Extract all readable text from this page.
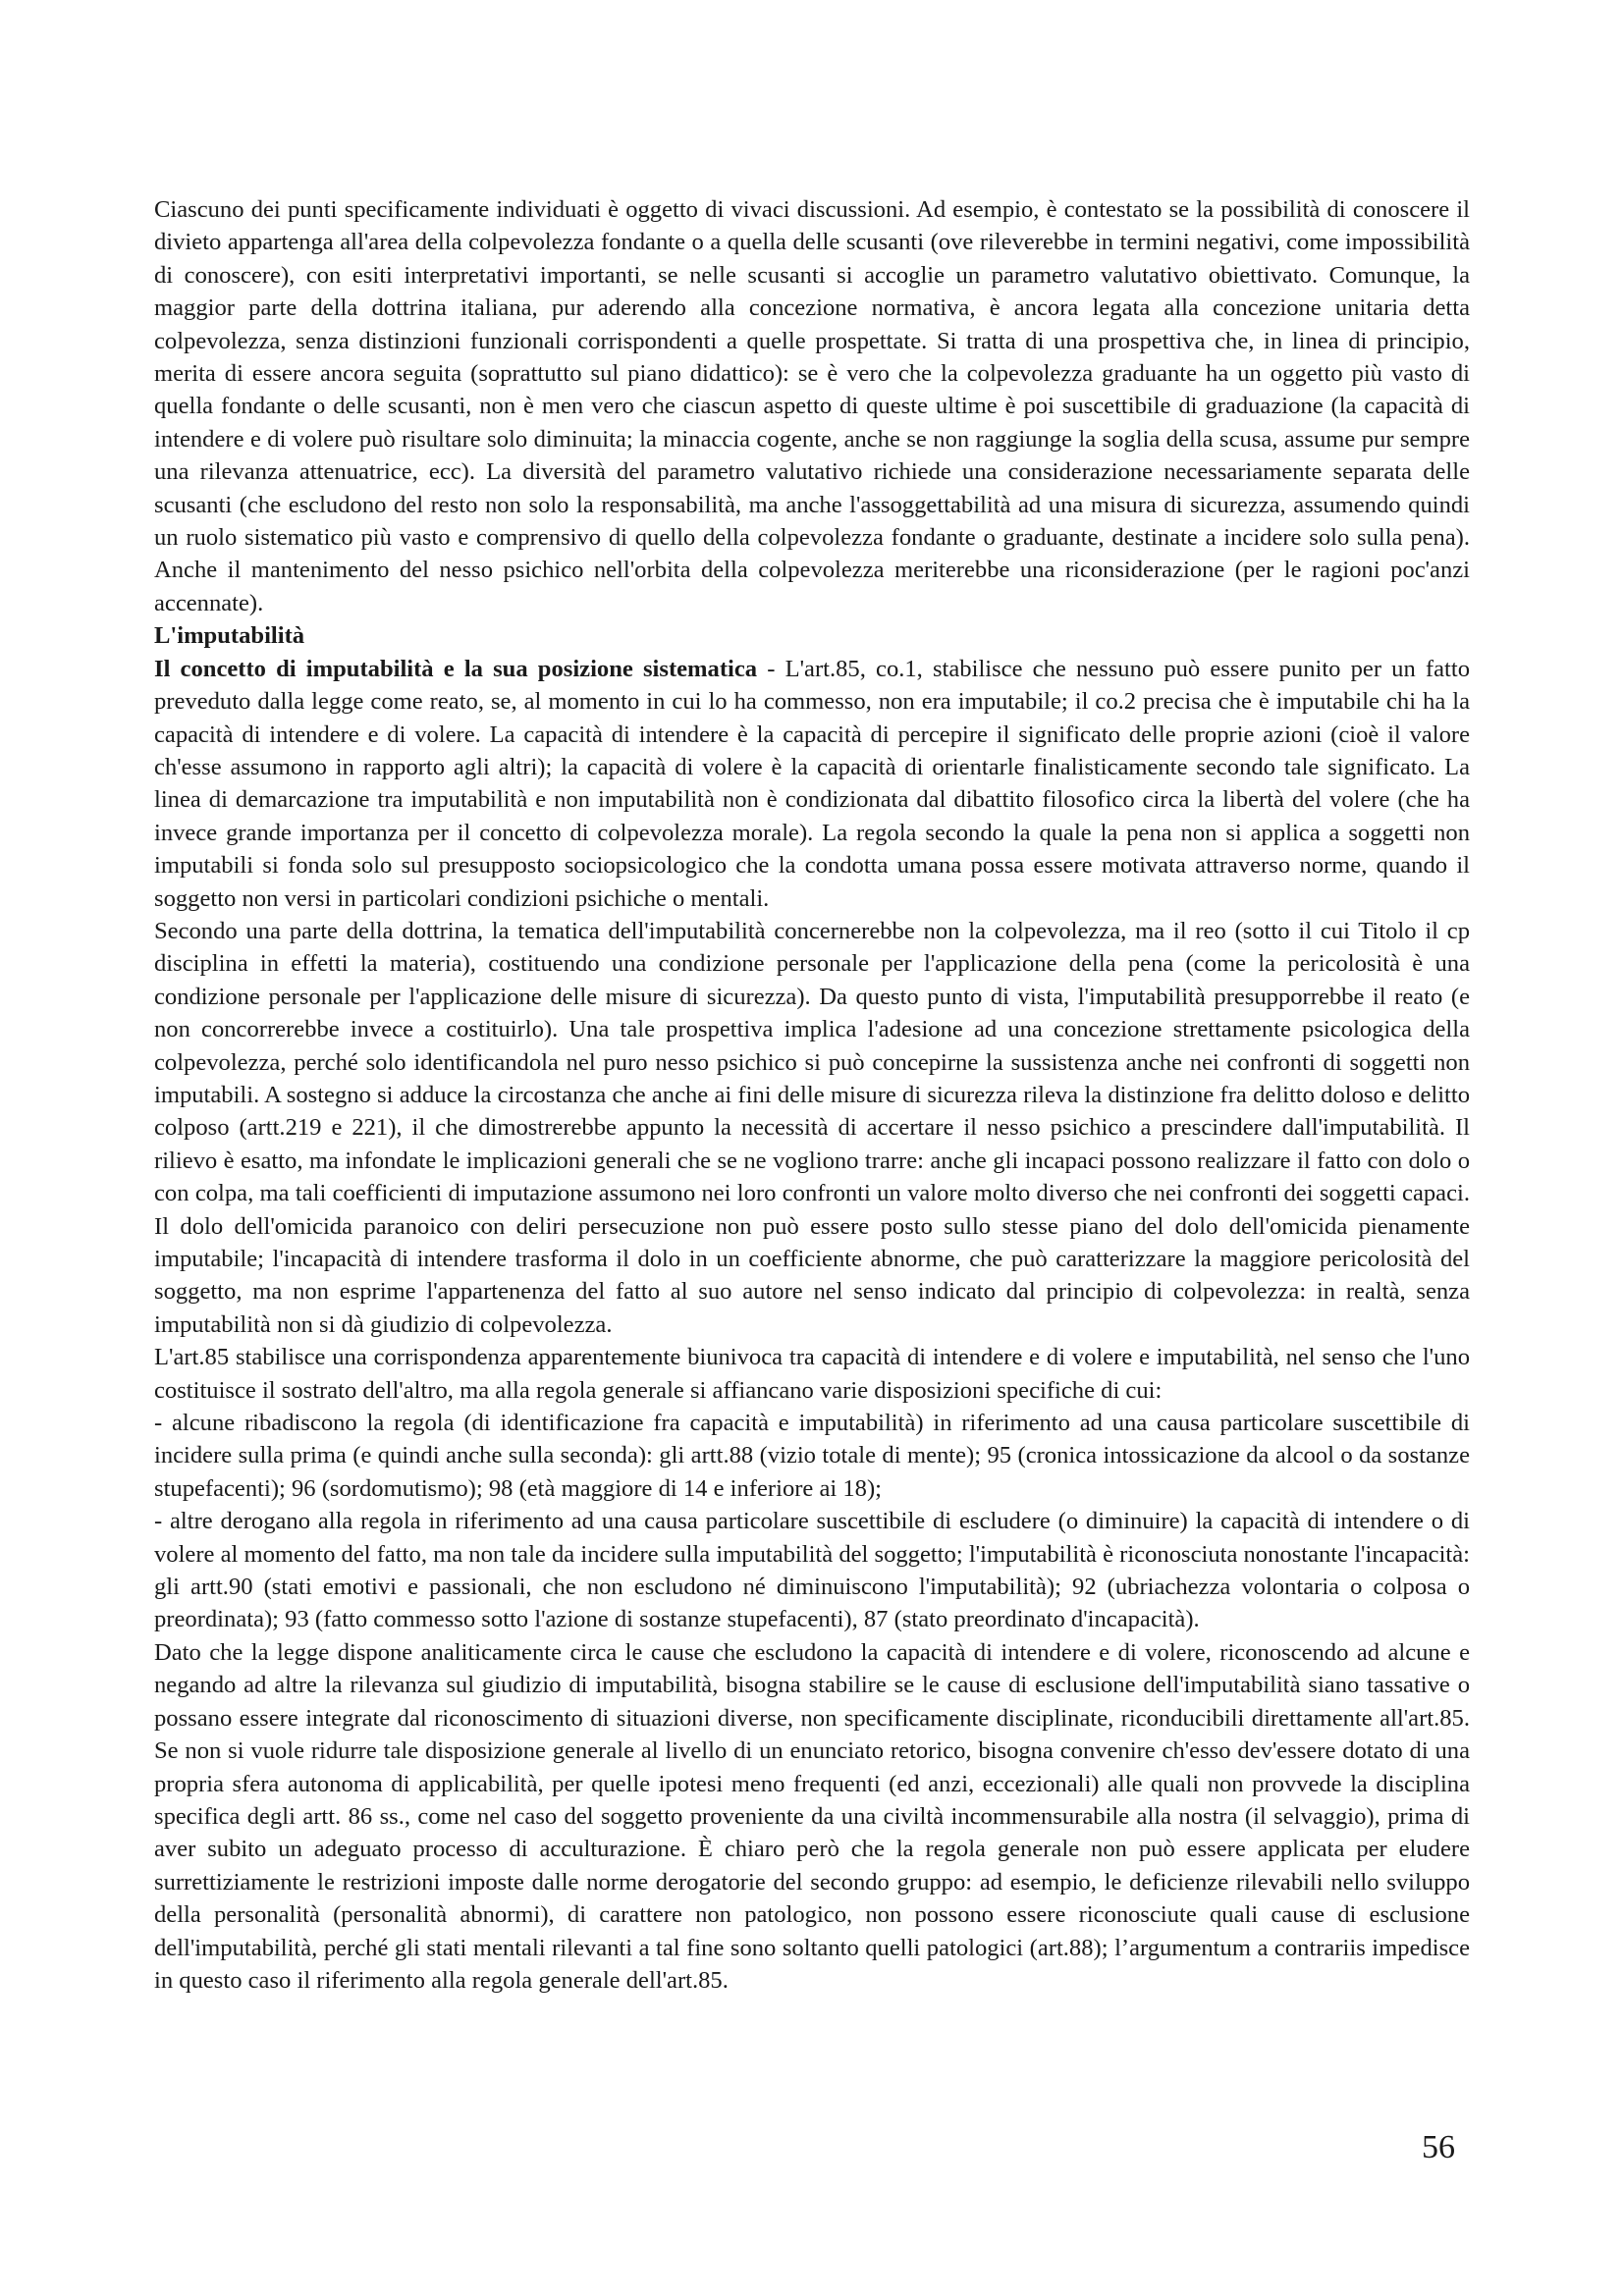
Ciascuno dei punti specificamente individuati è oggetto di vivaci discussioni. Ad esempio, è contestato se la possibilità di conoscere il divieto appartenga all'area della colpevolezza fondante o a quella delle scusanti (ove rileverebbe in termini negativi, come impossibilità di conoscere), con esiti interpretativi importanti, se nelle scusanti si accoglie un parametro valutativo obiettivato. Comunque, la maggior parte della dottrina italiana, pur aderendo alla concezione normativa, è ancora legata alla concezione unitaria detta colpevolezza, senza distinzioni funzionali corrispondenti a quelle prospettate. Si tratta di una prospettiva che, in linea di principio, merita di essere ancora seguita (soprattutto sul piano didattico): se è vero che la colpevolezza graduante ha un oggetto più vasto di quella fondante o delle scusanti, non è men vero che ciascun aspetto di queste ultime è poi suscettibile di graduazione (la capacità di intendere e di volere può risultare solo diminuita; la minaccia cogente, anche se non raggiunge la soglia della scusa, assume pur sempre una rilevanza attenuatrice, ecc). La diversità del parametro valutativo richiede una considerazione necessariamente separata delle scusanti (che escludono del resto non solo la responsabilità, ma anche l'assoggettabilità ad una misura di sicurezza, assumendo quindi un ruolo sistematico più vasto e comprensivo di quello della colpevolezza fondante o graduante, destinate a incidere solo sulla pena). Anche il mantenimento del nesso psichico nell'orbita della colpevolezza meriterebbe una riconsiderazione (per le ragioni poc'anzi accennate).

L'imputabilità

Il concetto di imputabilità e la sua posizione sistematica - L'art.85, co.1, stabilisce che nessuno può essere punito per un fatto preveduto dalla legge come reato, se, al momento in cui lo ha commesso, non era imputabile; il co.2 precisa che è imputabile chi ha la capacità di intendere e di volere. La capacità di intendere è la capacità di percepire il significato delle proprie azioni (cioè il valore ch'esse assumono in rapporto agli altri); la capacità di volere è la capacità di orientarle finalisticamente secondo tale significato. La linea di demarcazione tra imputabilità e non imputabilità non è condizionata dal dibattito filosofico circa la libertà del volere (che ha invece grande importanza per il concetto di colpevolezza morale). La regola secondo la quale la pena non si applica a soggetti non imputabili si fonda solo sul presupposto sociopsicologico che la condotta umana possa essere motivata attraverso norme, quando il soggetto non versi in particolari condizioni psichiche o mentali.

Secondo una parte della dottrina, la tematica dell'imputabilità concernerebbe non la colpevolezza, ma il reo (sotto il cui Titolo il cp disciplina in effetti la materia), costituendo una condizione personale per l'applicazione della pena (come la pericolosità è una condizione personale per l'applicazione delle misure di sicurezza). Da questo punto di vista, l'imputabilità presupporrebbe il reato (e non concorrerebbe invece a costituirlo). Una tale prospettiva implica l'adesione ad una concezione strettamente psicologica della colpevolezza, perché solo identificandola nel puro nesso psichico si può concepirne la sussistenza anche nei confronti di soggetti non imputabili. A sostegno si adduce la circostanza che anche ai fini delle misure di sicurezza rileva la distinzione fra delitto doloso e delitto colposo (artt.219 e 221), il che dimostrerebbe appunto la necessità di accertare il nesso psichico a prescindere dall'imputabilità. Il rilievo è esatto, ma infondate le implicazioni generali che se ne vogliono trarre: anche gli incapaci possono realizzare il fatto con dolo o con colpa, ma tali coefficienti di imputazione assumono nei loro confronti un valore molto diverso che nei confronti dei soggetti capaci. Il dolo dell'omicida paranoico con deliri persecuzione non può essere posto sullo stesse piano del dolo dell'omicida pienamente imputabile; l'incapacità di intendere trasforma il dolo in un coefficiente abnorme, che può caratterizzare la maggiore pericolosità del soggetto, ma non esprime l'appartenenza del fatto al suo autore nel senso indicato dal principio di colpevolezza: in realtà, senza imputabilità non si dà giudizio di colpevolezza.

L'art.85 stabilisce una corrispondenza apparentemente biunivoca tra capacità di intendere e di volere e imputabilità, nel senso che l'uno costituisce il sostrato dell'altro, ma alla regola generale si affiancano varie disposizioni specifiche di cui:

- alcune ribadiscono la regola (di identificazione fra capacità e imputabilità) in riferimento ad una causa particolare suscettibile di incidere sulla prima (e quindi anche sulla seconda): gli artt.88 (vizio totale di mente); 95 (cronica intossicazione da alcool o da sostanze stupefacenti); 96 (sordomutismo); 98 (età maggiore di 14 e inferiore ai 18);

- altre derogano alla regola in riferimento ad una causa particolare suscettibile di escludere (o diminuire) la capacità di intendere o di volere al momento del fatto, ma non tale da incidere sulla imputabilità del soggetto; l'imputabilità è riconosciuta nonostante l'incapacità: gli artt.90 (stati emotivi e passionali, che non escludono né diminuiscono l'imputabilità); 92 (ubriachezza volontaria o colposa o preordinata); 93 (fatto commesso sotto l'azione di sostanze stupefacenti), 87 (stato preordinato d'incapacità).

Dato che la legge dispone analiticamente circa le cause che escludono la capacità di intendere e di volere, riconoscendo ad alcune e negando ad altre la rilevanza sul giudizio di imputabilità, bisogna stabilire se le cause di esclusione dell'imputabilità siano tassative o possano essere integrate dal riconoscimento di situazioni diverse, non specificamente disciplinate, riconducibili direttamente all'art.85. Se non si vuole ridurre tale disposizione generale al livello di un enunciato retorico, bisogna convenire ch'esso dev'essere dotato di una propria sfera autonoma di applicabilità, per quelle ipotesi meno frequenti (ed anzi, eccezionali) alle quali non provvede la disciplina specifica degli artt. 86 ss., come nel caso del soggetto proveniente da una civiltà incommensurabile alla nostra (il selvaggio), prima di aver subito un adeguato processo di acculturazione. È chiaro però che la regola generale non può essere applicata per eludere surrettiziamente le restrizioni imposte dalle norme derogatorie del secondo gruppo: ad esempio, le deficienze rilevabili nello sviluppo della personalità (personalità abnormi), di carattere non patologico, non possono essere riconosciute quali cause di esclusione dell'imputabilità, perché gli stati mentali rilevanti a tal fine sono soltanto quelli patologici (art.88); l’argumentum a contrariis impedisce in questo caso il riferimento alla regola generale dell'art.85.

56
